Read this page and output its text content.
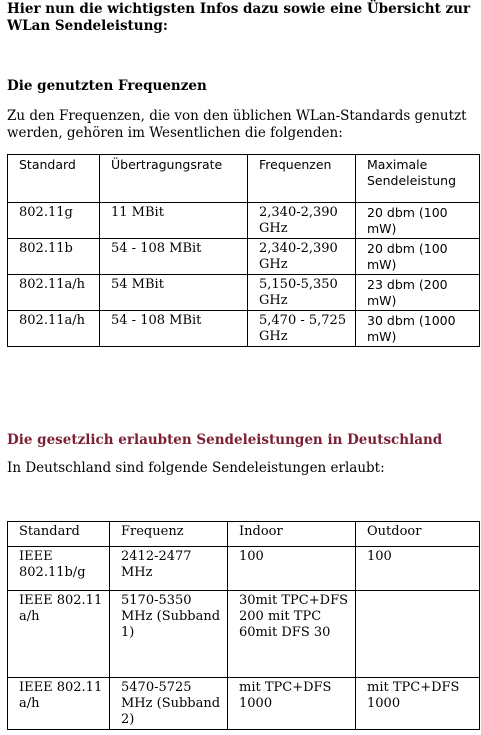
Hier nun die wichtigsten Infos dazu sowie eine Übersicht zur WLan Sendeleistung:
Die genutzten Frequenzen
Zu den Frequenzen, die von den üblichen WLan-Standards genutzt werden, gehören im Wesentlichen die folgenden:
Standard	Übertragungsrate	Frequenzen	Maximale Sendeleistung
802.11g	11 MBit	2,340-2,390 GHz	20 dbm (100 mW)
802.11b	54 - 108 MBit	2,340-2,390 GHz	20 dbm (100 mW)
802.11a/h	54 MBit	5,150-5,350 GHz	23 dbm (200 mW)
802.11a/h	54 - 108 MBit	5,470 - 5,725 GHz	30 dbm (1000 mW)
Die gesetzlich erlaubten Sendeleistungen in Deutschland
In Deutschland sind folgende Sendeleistungen erlaubt:
Standard	Frequenz	Indoor	Outdoor
IEEE 802.11b/g	2412-2477 MHz	100	100
IEEE 802.11 a/h	5170-5350 MHz (Subband 1)	30mit TPC+DFS 200 mit TPC 60mit DFS 30	
IEEE 802.11 a/h	5470-5725 MHz (Subband 2)	mit TPC+DFS 1000	mit TPC+DFS 1000
